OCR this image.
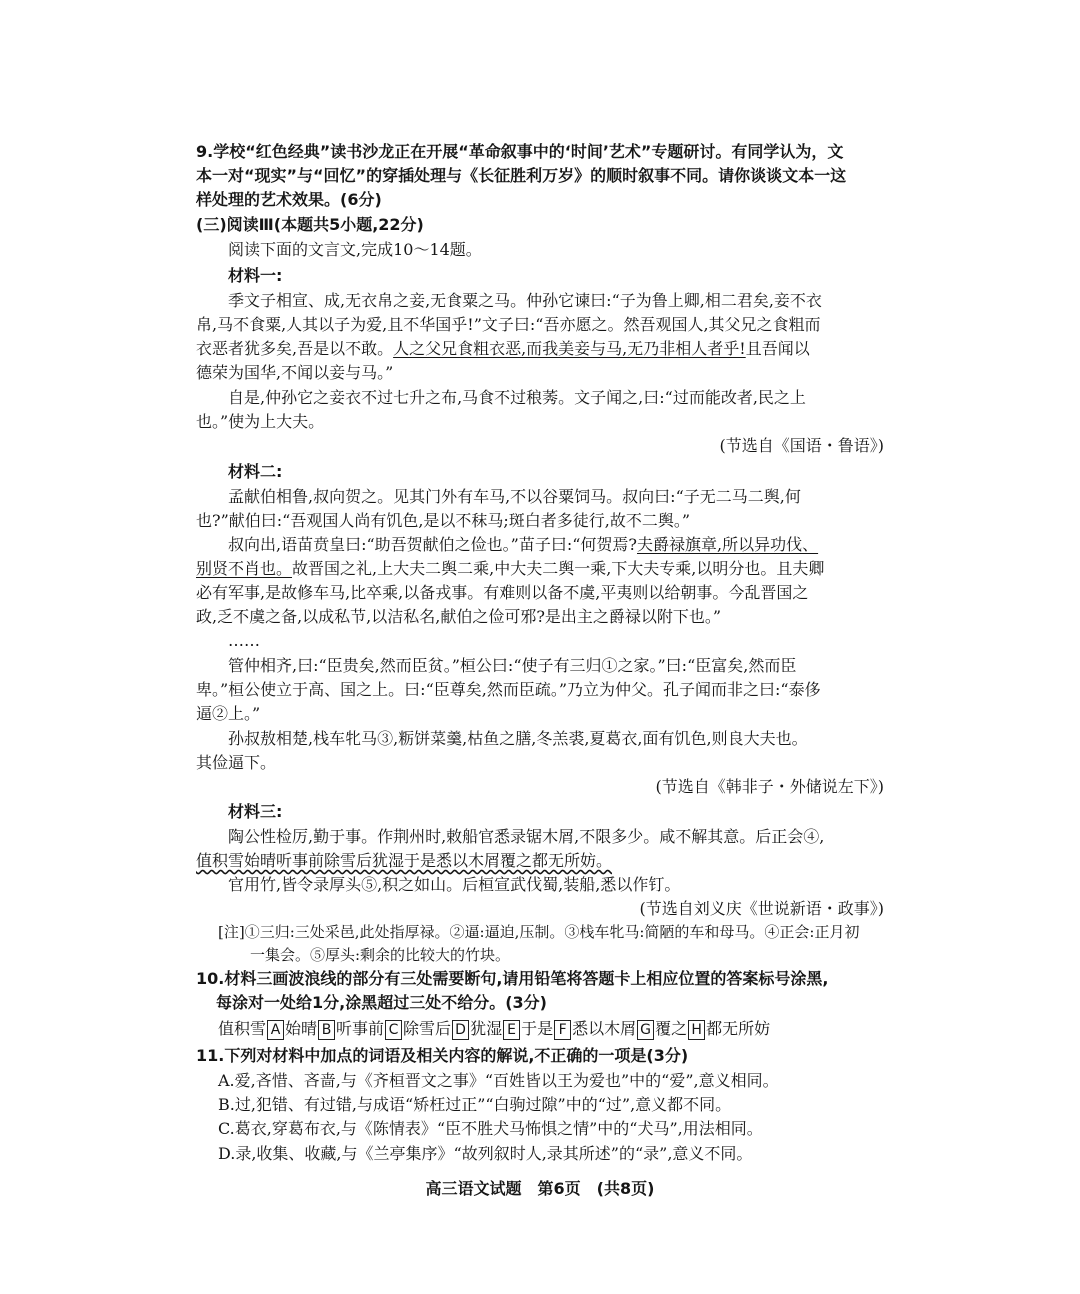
9.学校“红色经典”读书沙龙正在开展“革命叙事中的‘时间’艺术”专题研讨。有同学认为，文
本一对“现实”与“回忆”的穿插处理与《长征胜利万岁》的顺时叙事不同。请你谈谈文本一这
样处理的艺术效果。(6分)
(三)阅读Ⅲ(本题共5小题,22分)
阅读下面的文言文,完成10～14题。
材料一:
季文子相宣、成,无衣帛之妾,无食粟之马。仲孙它谏曰:“子为鲁上卿,相二君矣,妾不衣
帛,马不食粟,人其以子为爱,且不华国乎!”文子曰:“吾亦愿之。然吾观国人,其父兄之食粗而
衣恶者犹多矣,吾是以不敢。人之父兄食粗衣恶,而我美妾与马,无乃非相人者乎!且吾闻以
德荣为国华,不闻以妾与马。”
自是,仲孙它之妾衣不过七升之布,马食不过稂莠。文子闻之,曰:“过而能改者,民之上
也。”使为上大夫。
(节选自《国语・鲁语》)
材料二:
孟献伯相鲁,叔向贺之。见其门外有车马,不以谷粟饲马。叔向曰:“子无二马二舆,何
也?”献伯曰:“吾观国人尚有饥色,是以不秣马;斑白者多徒行,故不二舆。”
叔向出,语苗贲皇曰:“助吾贺献伯之俭也。”苗子曰:“何贺焉?夫爵禄旗章,所以异功伐、
别贤不肖也。故晋国之礼,上大夫二舆二乘,中大夫二舆一乘,下大夫专乘,以明分也。且夫卿
必有军事,是故修车马,比卒乘,以备戎事。有难则以备不虞,平夷则以给朝事。今乱晋国之
政,乏不虞之备,以成私节,以洁私名,献伯之俭可邪?是出主之爵禄以附下也。”
……
管仲相齐,曰:“臣贵矣,然而臣贫。”桓公曰:“使子有三归①之家。”曰:“臣富矣,然而臣
卑。”桓公使立于高、国之上。曰:“臣尊矣,然而臣疏。”乃立为仲父。孔子闻而非之曰:“泰侈
逼②上。”
孙叔敖相楚,栈车牝马③,粝饼菜羹,枯鱼之膳,冬羔裘,夏葛衣,面有饥色,则良大夫也。
其俭逼下。
(节选自《韩非子・外储说左下》)
材料三:
陶公性检厉,勤于事。作荆州时,敕船官悉录锯木屑,不限多少。咸不解其意。后正会④,
值积雪始晴听事前除雪后犹湿于是悉以木屑覆之都无所妨。
官用竹,皆令录厚头⑤,积之如山。后桓宣武伐蜀,装船,悉以作钉。
(节选自刘义庆《世说新语・政事》)
[注]①三归:三处采邑,此处指厚禄。②逼:逼迫,压制。③栈车牝马:简陋的车和母马。④正会:正月初
一集会。⑤厚头:剩余的比较大的竹块。
10.材料三画波浪线的部分有三处需要断句,请用铅笔将答题卡上相应位置的答案标号涂黑,
每涂对一处给1分,涂黑超过三处不给分。(3分)
值积雪 A 始晴 B 听事前 C 除雪后 D 犹湿 E 于是 F 悉以木屑 G 覆之 H 都无所妨
11.下列对材料中加点的词语及相关内容的解说,不正确的一项是(3分)
A.爱,吝惜、吝啬,与《齐桓晋文之事》“百姓皆以王为爱也”中的“爱”,意义相同。
B.过,犯错、有过错,与成语“矫枉过正”“白驹过隙”中的“过”,意义都不同。
C.葛衣,穿葛布衣,与《陈情表》“臣不胜犬马怖惧之情”中的“犬马”,用法相同。
D.录,收集、收藏,与《兰亭集序》“故列叙时人,录其所述”的“录”,意义不同。
高三语文试题　第6页　(共8页)
